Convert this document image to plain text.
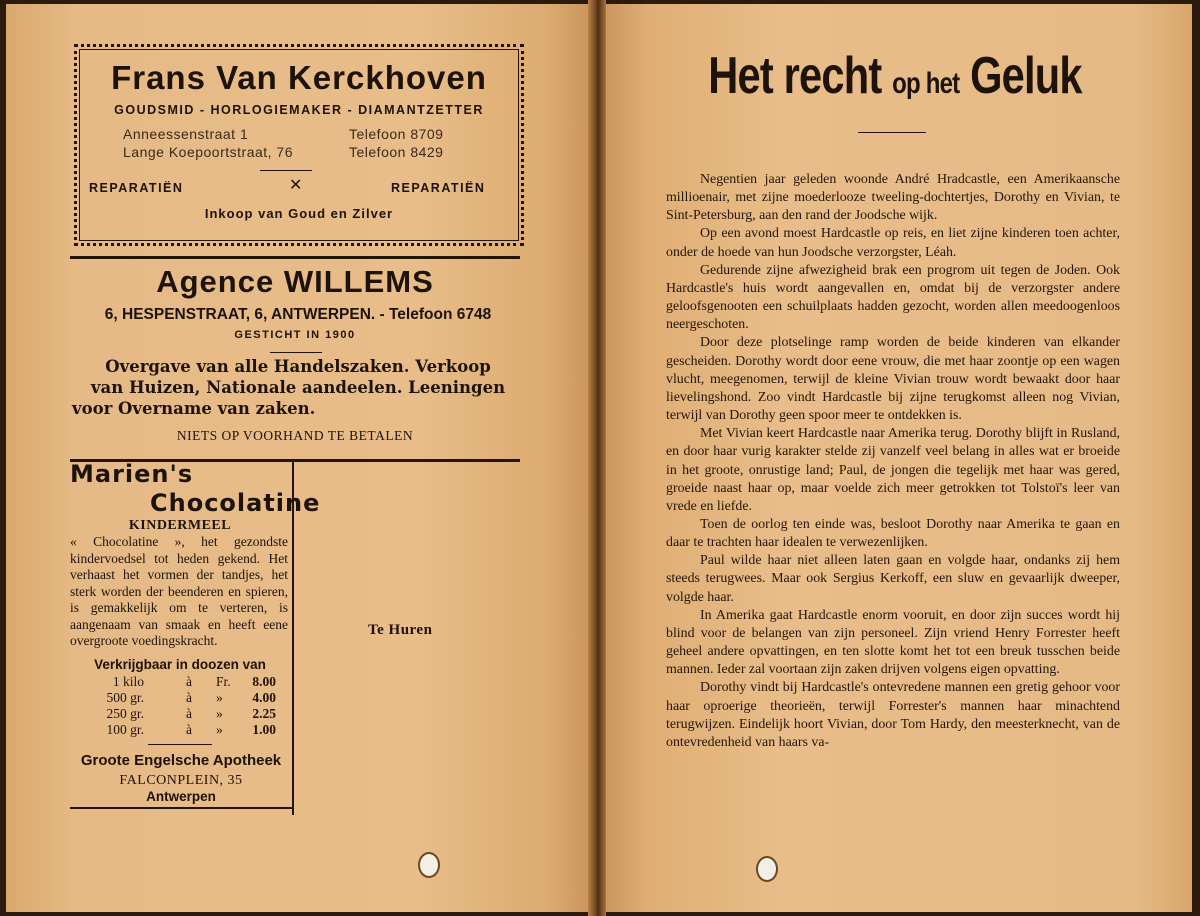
Frans Van Kerckhoven
GOUDSMID - HORLOGIEMAKER - DIAMANTZETTER
Anneessenstraat 1	Telefoon 8709
Lange Koepoortstraat, 76	Telefoon 8429
REPARATIËN	✕	REPARATIËN
Inkoop van Goud en Zilver
Agence WILLEMS
6, HESPENSTRAAT, 6, ANTWERPEN. - Telefoon 6748
GESTICHT IN 1900
Overgave van alle Handelszaken. Verkoop
van Huizen, Nationale aandeelen. Leeningen
voor Overname van zaken.
NIETS OP VOORHAND TE BETALEN
Marien's
Chocolatine
KINDERMEEL
« Chocolatine », het gezondste kindervoedsel tot heden gekend. Het verhaast het vormen der tandjes, het sterk worden der beenderen en spieren, is gemakkelijk om te verteren, is aangenaam van smaak en heeft eene overgroote voedingskracht.
Verkrijgbaar in doozen van
1 kilo	à Fr.	8.00
500 gr.	à »	4.00
250 gr.	à »	2.25
100 gr.	à »	1.00
Groote Engelsche Apotheek
FALCONPLEIN, 35
Antwerpen
Te Huren
Het recht op het Geluk

Negentien jaar geleden woonde André Hradcastle, een Amerikaansche millioenair, met zijne moederlooze tweeling-dochtertjes, Dorothy en Vivian, te Sint-Petersburg, aan den rand der Joodsche wijk.

Op een avond moest Hardcastle op reis, en liet zijne kinderen toen achter, onder de hoede van hun Joodsche verzorgster, Léah.

Gedurende zijne afwezigheid brak een progrom uit tegen de Joden. Ook Hardcastle's huis wordt aangevallen en, omdat bij de verzorgster andere geloofsgenooten een schuilplaats hadden gezocht, worden allen meedoogenloos neergeschoten.

Door deze plotselinge ramp worden de beide kinderen van elkander gescheiden. Dorothy wordt door eene vrouw, die met haar zoontje op een wagen vlucht, meegenomen, terwijl de kleine Vivian trouw wordt bewaakt door haar lievelingshond. Zoo vindt Hardcastle bij zijne terugkomst alleen nog Vivian, terwijl van Dorothy geen spoor meer te ontdekken is.

Met Vivian keert Hardcastle naar Amerika terug. Dorothy blijft in Rusland, en door haar vurig karakter stelde zij vanzelf veel belang in alles wat er broeide in het groote, onrustige land; Paul, de jongen die tegelijk met haar was gered, groeide naast haar op, maar voelde zich meer getrokken tot Tolstoï's leer van vrede en liefde.

Toen de oorlog ten einde was, besloot Dorothy naar Amerika te gaan en daar te trachten haar idealen te verwezenlijken.

Paul wilde haar niet alleen laten gaan en volgde haar, ondanks zij hem steeds terugwees. Maar ook Sergius Kerkoff, een sluw en gevaarlijk dweeper, volgde haar.

In Amerika gaat Hardcastle enorm vooruit, en door zijn succes wordt hij blind voor de belangen van zijn personeel. Zijn vriend Henry Forrester heeft geheel andere opvattingen, en ten slotte komt het tot een breuk tusschen beide mannen. Ieder zal voortaan zijn zaken drijven volgens eigen opvatting.

Dorothy vindt bij Hardcastle's ontevredene mannen een gretig gehoor voor haar oproerige theorieën, terwijl Forrester's mannen haar minachtend terugwijzen. Eindelijk hoort Vivian, door Tom Hardy, den meesterknecht, van de ontevredenheid van haars va-
